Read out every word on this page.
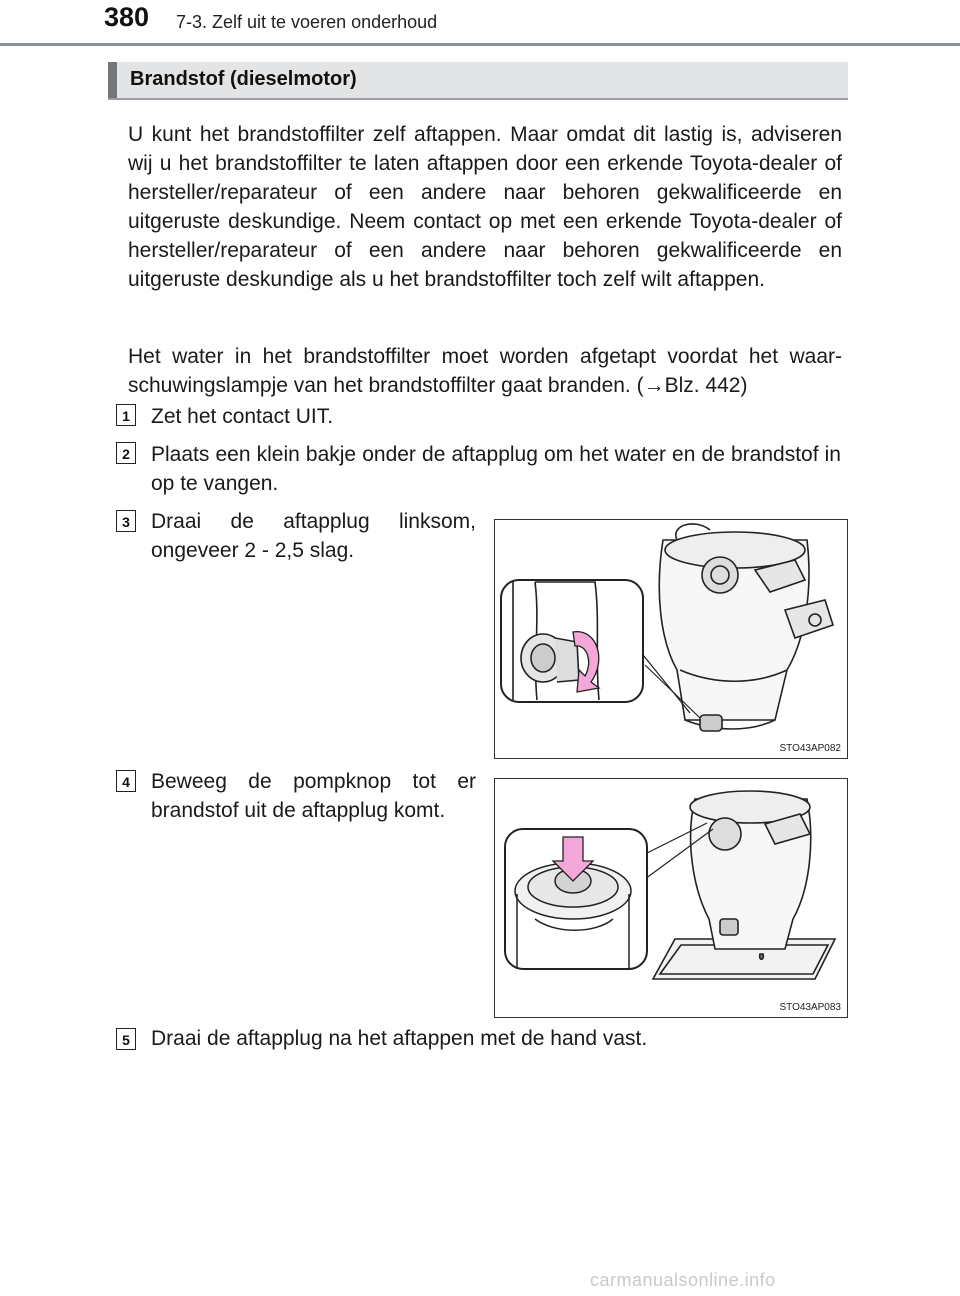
380 7-3. Zelf uit te voeren onderhoud
Brandstof (dieselmotor)

U kunt het brandstoffilter zelf aftappen. Maar omdat dit lastig is, adviseren wij u het brandstoffilter te laten aftappen door een erkende Toyota-dealer of hersteller/reparateur of een andere naar behoren gekwalificeerde en uitgeruste deskundige. Neem contact op met een erkende Toyota-dealer of hersteller/reparateur of een andere naar behoren gekwalificeerde en uitgeruste deskundige als u het brandstoffilter toch zelf wilt aftappen.

Het water in het brandstoffilter moet worden afgetapt voordat het waarschuwingslampje van het brandstoffilter gaat branden. (→Blz. 442)

1 Zet het contact UIT.

2 Plaats een klein bakje onder de aftapplug om het water en de brandstof in op te vangen.

3 Draai de aftapplug linksom, ongeveer 2 - 2,5 slag.

STO43AP082
4 Beweeg de pompknop tot er brandstof uit de aftapplug komt.

STO43AP083
5 Draai de aftapplug na het aftappen met de hand vast.

carmanualsonline.info
